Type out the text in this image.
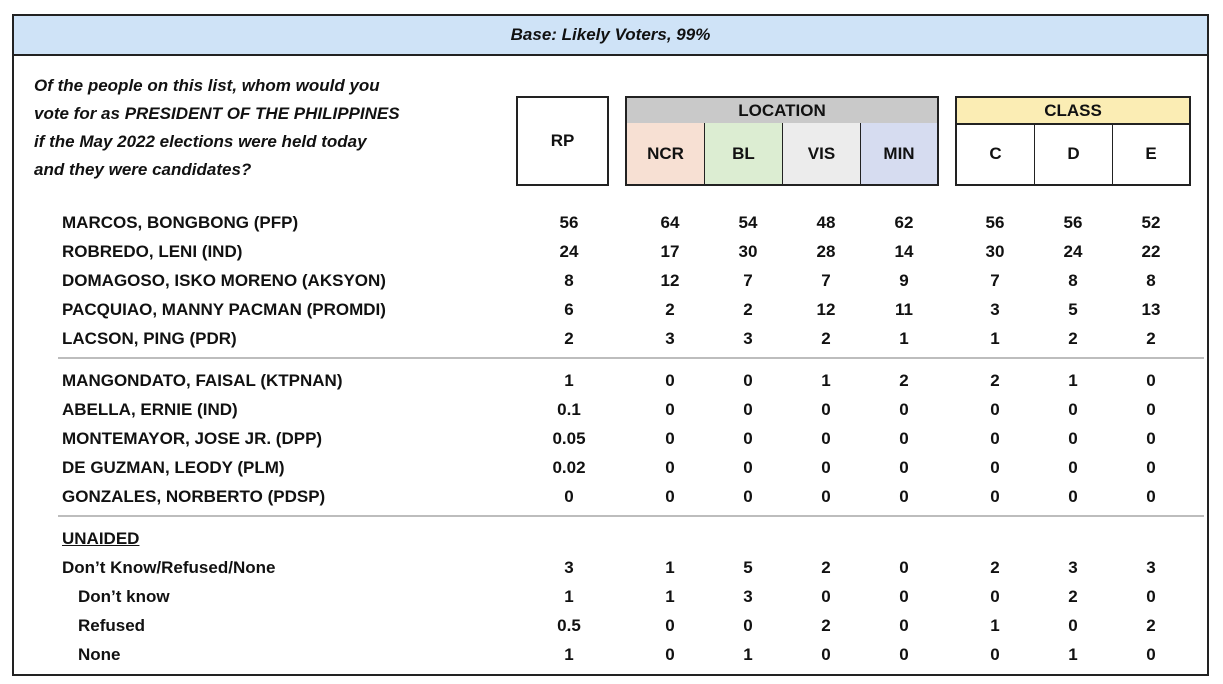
Base: Likely Voters, 99%
Of the people on this list, whom would you
vote for as PRESIDENT OF THE PHILIPPINES
if the May 2022 elections were held today
and they were candidates?
RP
LOCATION
NCR	BL	VIS	MIN
CLASS
C	D	E
MARCOS, BONGBONG (PFP)	56	64	54	48	62	56	56	52
ROBREDO, LENI (IND)	24	17	30	28	14	30	24	22
DOMAGOSO, ISKO MORENO (AKSYON)	8	12	7	7	9	7	8	8
PACQUIAO, MANNY PACMAN (PROMDI)	6	2	2	12	11	3	5	13
LACSON, PING (PDR)	2	3	3	2	1	1	2	2
MANGONDATO, FAISAL (KTPNAN)	1	0	0	1	2	2	1	0
ABELLA, ERNIE (IND)	0.1	0	0	0	0	0	0	0
MONTEMAYOR, JOSE JR. (DPP)	0.05	0	0	0	0	0	0	0
DE GUZMAN, LEODY (PLM)	0.02	0	0	0	0	0	0	0
GONZALES, NORBERTO (PDSP)	0	0	0	0	0	0	0	0
UNAIDED
Don’t Know/Refused/None	3	1	5	2	0	2	3	3
Don’t know	1	1	3	0	0	0	2	0
Refused	0.5	0	0	2	0	1	0	2
None	1	0	1	0	0	0	1	0
